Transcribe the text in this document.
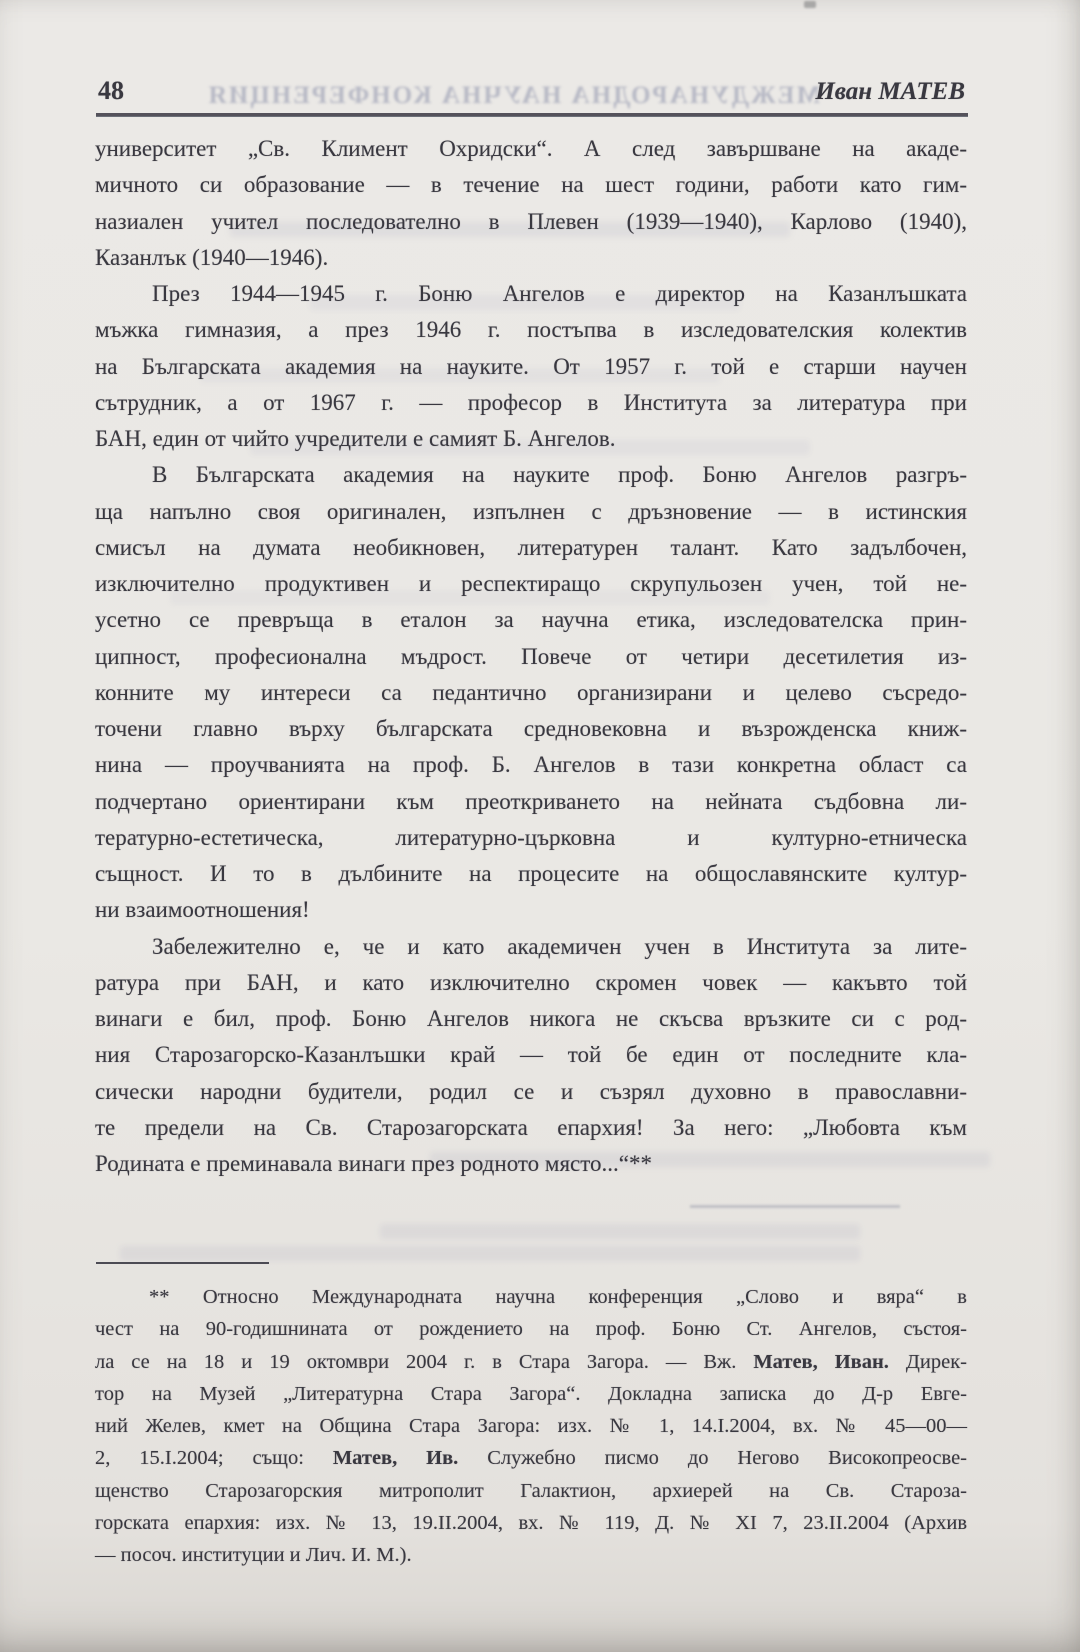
МЕЖДУНАРОДНА НАУЧНА КОНФЕРЕНЦИЯ
48	Иван МАТЕВ
университет „Св. Климент Охридски“. А след завършване на акаде-
мичното си образование — в течение на шест години, работи като гим-
назиален учител последователно в Плевен (1939—1940), Карлово (1940),
Казанлък (1940—1946).
През 1944—1945 г. Боню Ангелов е директор на Казанлъшката
мъжка гимназия, а през 1946 г. постъпва в изследователския колектив
на Българската академия на науките. От 1957 г. той е старши научен
сътрудник, а от 1967 г. — професор в Института за литература при
БАН, един от чийто учредители е самият Б. Ангелов.
В Българската академия на науките проф. Боню Ангелов разгръ-
ща напълно своя оригинален, изпълнен с дръзновение — в истинския
смисъл на думата необикновен, литературен талант. Като задълбочен,
изключително продуктивен и респектиращо скрупульозен учен, той не-
усетно се превръща в еталон за научна етика, изследователска прин-
ципност, професионална мъдрост. Повече от четири десетилетия из-
конните му интереси са педантично организирани и целево съсредо-
точени главно върху българската средновековна и възрожденска книж-
нина — проучванията на проф. Б. Ангелов в тази конкретна област са
подчертано ориентирани към преоткриването на нейната съдбовна ли-
тературно-естетическа, литературно-църковна и културно-етническа
същност. И то в дълбините на процесите на общославянските култур-
ни взаимоотношения!
Забележително е, че и като академичен учен в Института за лите-
ратура при БАН, и като изключително скромен човек — какъвто той
винаги е бил, проф. Боню Ангелов никога не скъсва връзките си с род-
ния Старозагорско-Казанлъшки край — той бе един от последните кла-
сически народни будители, родил се и съзрял духовно в православни-
те предели на Св. Старозагорската епархия! За него: „Любовта към
Родината е преминавала винаги през родното място...“**
** Относно Международната научна конференция „Слово и вяра“ в
чест на 90-годишнината от рождението на проф. Боню Ст. Ангелов, състоя-
ла се на 18 и 19 октомври 2004 г. в Стара Загора. — Вж. Матев, Иван. Дирек-
тор на Музей „Литературна Стара Загора“. Докладна записка до Д-р Евге-
ний Желев, кмет на Община Стара Загора: изх. № 1, 14.I.2004, вх. № 45—00—
2, 15.I.2004; също: Матев, Ив. Служебно писмо до Негово Високопреосве-
щенство Старозагорския митрополит Галактион, архиерей на Св. Староза-
горската епархия: изх. № 13, 19.II.2004, вх. № 119, Д. № XI 7, 23.II.2004 (Архив
— посоч. институции и Лич. И. М.).
